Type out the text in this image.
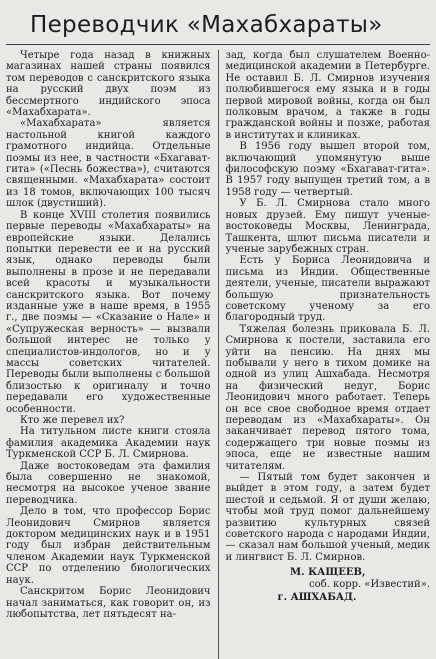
Переводчик «Махабхараты»

Четыре года назад в книжных магазинах нашей страны появился том переводов с санскритского языка на русский двух поэм из бессмертного индийского эпоса «Махабхарата».

«Махабхарата» является настольной книгой каждого грамотного индийца. Отдельные поэмы из нее, в частности «Бхагават-гита» («Песнь божества»), считаются священными. «Махабхарата» состоит из 18 томов, включающих 100 тысяч шлок (двустиший).

В конце XVIII столетия появились первые переводы «Махабхараты» на европейские языки. Делались попытки перевести ее и на русский язык, однако переводы были выполнены в прозе и не передавали всей красоты и музыкальности санскритского языка. Вот почему изданные уже в наше время, в 1955 г., две поэмы — «Сказание о Нале» и «Супружеская верность» — вызвали большой интерес не только у специалистов-индологов, но и у массы советских читателей. Переводы были выполнены с большой близостью к оригиналу и точно передавали его художественные особенности.

Кто же перевел их?

На титульном листе книги стояла фамилия академика Академии наук Туркменской ССР Б. Л. Смирнова.

Даже востоковедам эта фамилия была совершенно не знакомой, несмотря на высокое ученое звание переводчика.

Дело в том, что профессор Борис Леонидович Смирнов является доктором медицинских наук и в 1951 году был избран действительным членом Академии наук Туркменской ССР по отделению биологических наук.

Санскритом Борис Леонидович начал заниматься, как говорит он, из любопытства, лет пятьдесят на-

зад, когда был слушателем Военно-медицинской академии в Петербурге. Не оставил Б. Л. Смирнов изучения полюбившегося ему языка и в годы первой мировой войны, когда он был полковым врачом, а также в годы гражданской войны и позже, работая в институтах и клиниках.

В 1956 году вышел второй том, включающий упомянутую выше философскую поэму «Бхагават-гита». В 1957 году выпущен третий том, а в 1958 году — четвертый.

У Б. Л. Смирнова стало много новых друзей. Ему пишут ученые-востоковеды Москвы, Ленинграда, Ташкента, шлют письма писатели и ученые зарубежных стран.

Есть у Бориса Леонидовича и письма из Индии. Общественные деятели, ученые, писатели выражают большую признательность советскому ученому за его благородный труд.

Тяжелая болезнь приковала Б. Л. Смирнова к постели, заставила его уйти на пенсию. На днях мы побывали у него в тихом домике на одной из улиц Ашхабада. Несмотря на физический недуг, Борис Леонидович много работает. Теперь он все свое свободное время отдает переводам из «Махабхараты». Он заканчивает перевод пятого тома, содержащего три новые поэмы из эпоса, еще не известные нашим читателям.

— Пятый том будет закончен и выйдет в этом году, а затем будет шестой и седьмой. Я от души желаю, чтобы мой труд помог дальнейшему развитию культурных связей советского народа с народами Индии, — сказал нам большой ученый, медик и лингвист Б. Л. Смирнов.

М. КАЩЕЕВ,
соб. корр. «Известий».
г. АШХАБАД.
